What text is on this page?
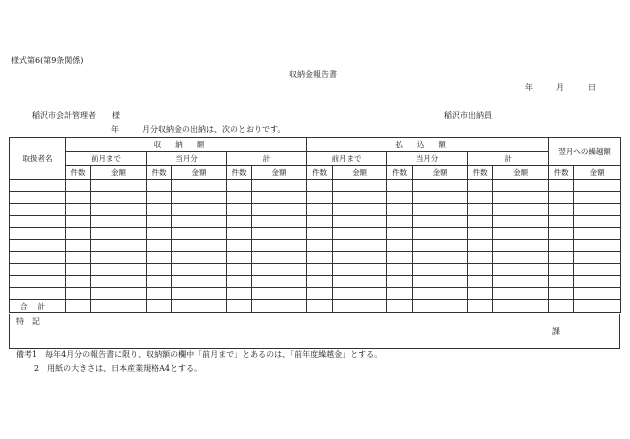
様式第6(第9条関係)
収納金報告書
年	月	日
稲沢市会計管理者　　様	稲沢市出納員
年	月分収納金の出納は、次のとおりです。
取扱者名	収納額						払込額						翌月への繰越額	
	前月まで		当月分		計		前月まで		当月分		計			
	件数	金額	件数	金額	件数	金額	件数	金額	件数	金額	件数	金額	件数	金額

合計														
特記
課
備考1　毎年4月分の報告書に限り、収納額の欄中「前月まで」とあるのは、「前年度繰越金」とする。
2　用紙の大きさは、日本産業規格A4とする。
